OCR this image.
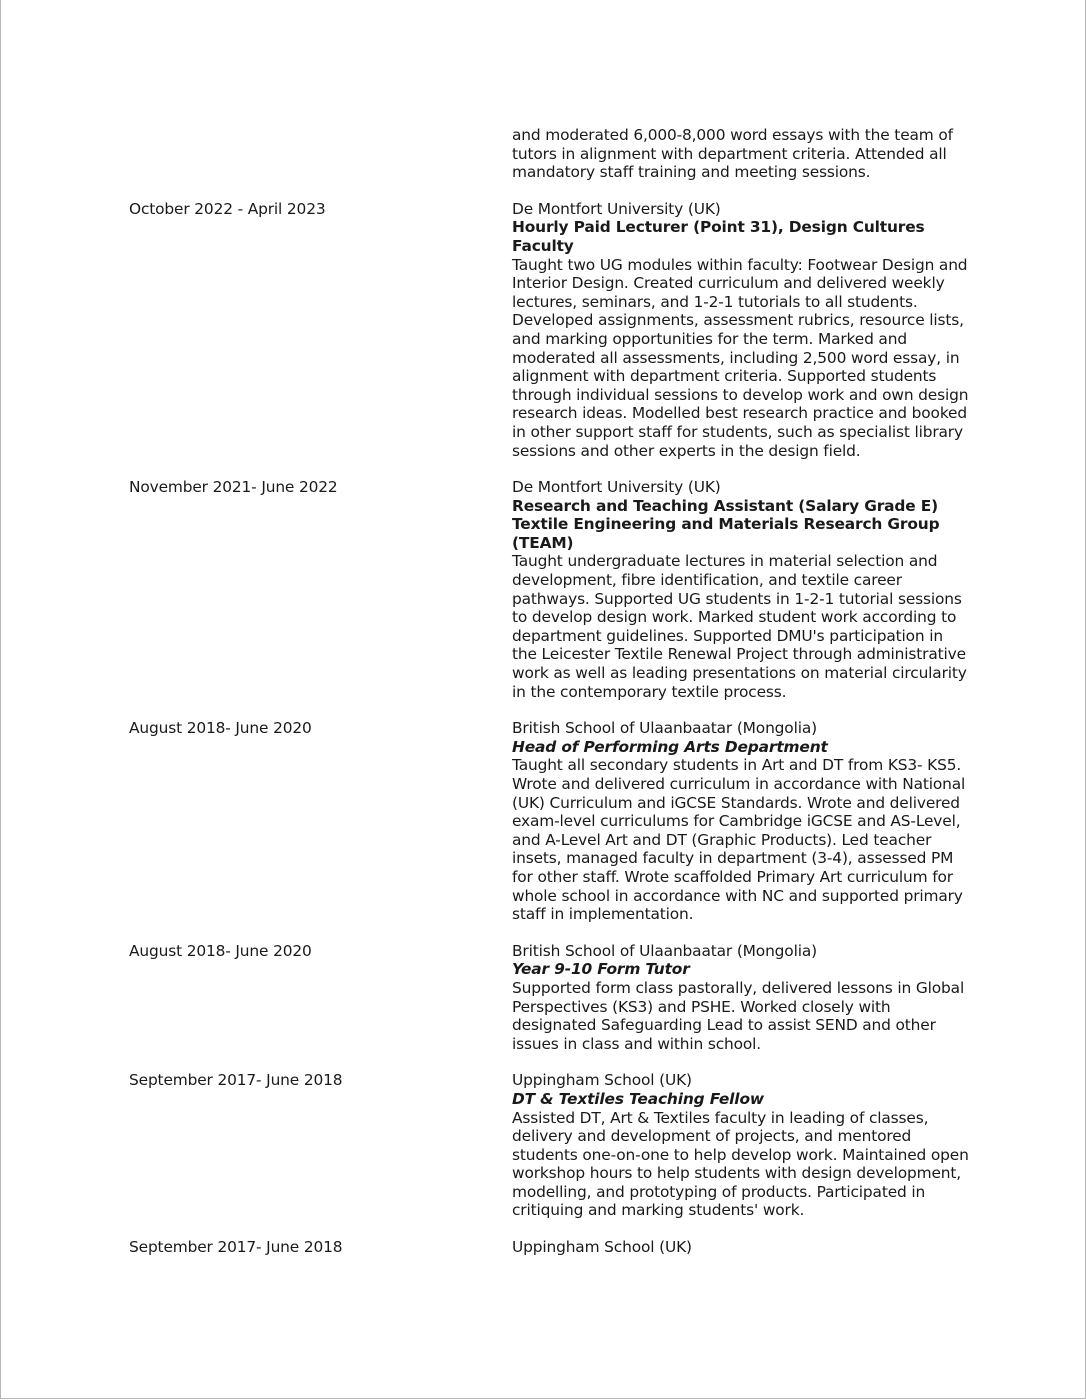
and moderated 6,000-8,000 word essays with the team of tutors in alignment with department criteria. Attended all mandatory staff training and meeting sessions.

October 2022 - April 2023	De Montfort University (UK)

Hourly Paid Lecturer (Point 31), Design Cultures Faculty

Taught two UG modules within faculty: Footwear Design and Interior Design. Created curriculum and delivered weekly lectures, seminars, and 1-2-1 tutorials to all students. Developed assignments, assessment rubrics, resource lists, and marking opportunities for the term. Marked and moderated all assessments, including 2,500 word essay, in alignment with department criteria. Supported students through individual sessions to develop work and own design research ideas. Modelled best research practice and booked in other support staff for students, such as specialist library sessions and other experts in the design field.

November 2021- June 2022	De Montfort University (UK)

Research and Teaching Assistant (Salary Grade E)

Textile Engineering and Materials Research Group (TEAM)

Taught undergraduate lectures in material selection and development, fibre identification, and textile career pathways. Supported UG students in 1-2-1 tutorial sessions to develop design work. Marked student work according to department guidelines. Supported DMU's participation in the Leicester Textile Renewal Project through administrative work as well as leading presentations on material circularity in the contemporary textile process.

August 2018- June 2020	British School of Ulaanbaatar (Mongolia)

Head of Performing Arts Department

Taught all secondary students in Art and DT from KS3- KS5. Wrote and delivered curriculum in accordance with National (UK) Curriculum and iGCSE Standards. Wrote and delivered exam-level curriculums for Cambridge iGCSE and AS-Level, and A-Level Art and DT (Graphic Products). Led teacher insets, managed faculty in department (3-4), assessed PM for other staff. Wrote scaffolded Primary Art curriculum for whole school in accordance with NC and supported primary staff in implementation.

August 2018- June 2020	British School of Ulaanbaatar (Mongolia)

Year 9-10 Form Tutor

Supported form class pastorally, delivered lessons in Global Perspectives (KS3) and PSHE. Worked closely with designated Safeguarding Lead to assist SEND and other issues in class and within school.

September 2017- June 2018	Uppingham School (UK)

DT & Textiles Teaching Fellow

Assisted DT, Art & Textiles faculty in leading of classes, delivery and development of projects, and mentored students one-on-one to help develop work. Maintained open workshop hours to help students with design development, modelling, and prototyping of products. Participated in critiquing and marking students' work.

September 2017- June 2018	Uppingham School (UK)
